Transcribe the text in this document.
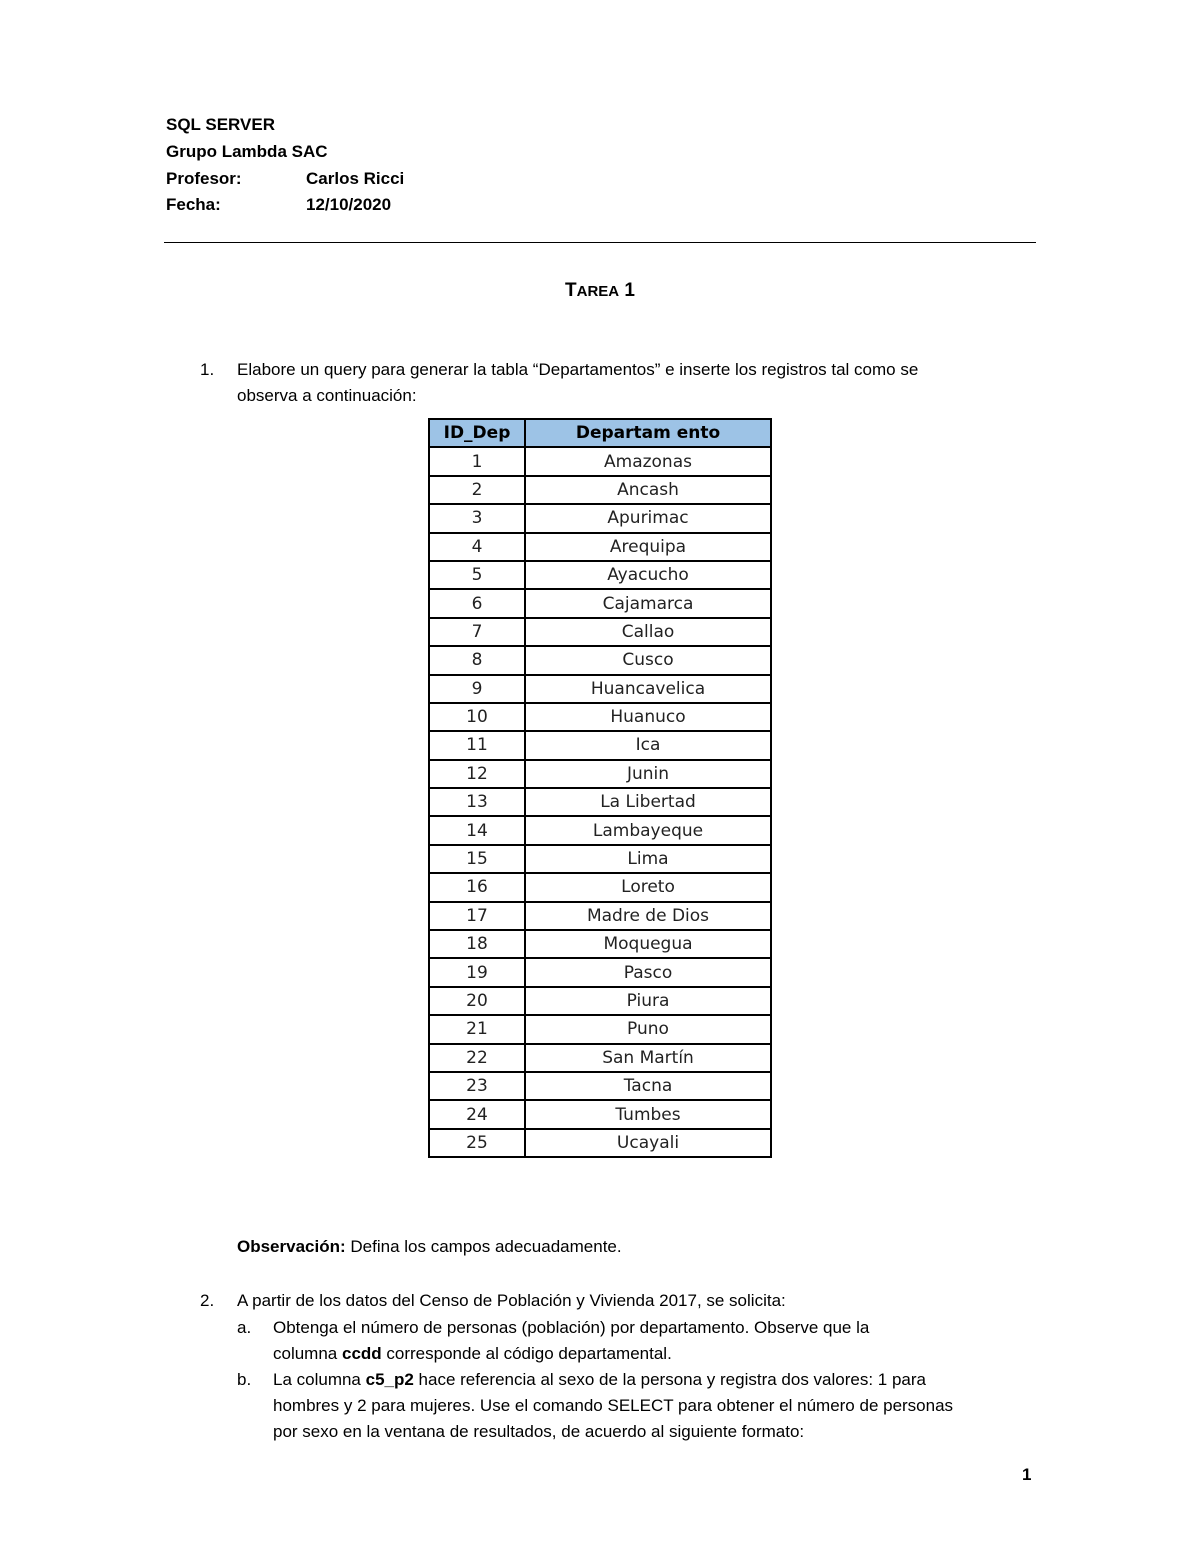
SQL SERVER
Grupo Lambda SAC
Profesor:	Carlos Ricci
Fecha:	12/10/2020
TAREA 1
1. Elabore un query para generar la tabla “Departamentos” e inserte los registros tal como se
observa a continuación:
ID_Dep	Departam ento
1	Amazonas
2	Ancash
3	Apurimac
4	Arequipa
5	Ayacucho
6	Cajamarca
7	Callao
8	Cusco
9	Huancavelica
10	Huanuco
11	Ica
12	Junin
13	La Libertad
14	Lambayeque
15	Lima
16	Loreto
17	Madre de Dios
18	Moquegua
19	Pasco
20	Piura
21	Puno
22	San Martín
23	Tacna
24	Tumbes
25	Ucayali
Observación: Defina los campos adecuadamente.
2. A partir de los datos del Censo de Población y Vivienda 2017, se solicita:
a. Obtenga el número de personas (población) por departamento. Observe que la
columna ccdd corresponde al código departamental.
b. La columna c5_p2 hace referencia al sexo de la persona y registra dos valores: 1 para
hombres y 2 para mujeres. Use el comando SELECT para obtener el número de personas
por sexo en la ventana de resultados, de acuerdo al siguiente formato:
1
